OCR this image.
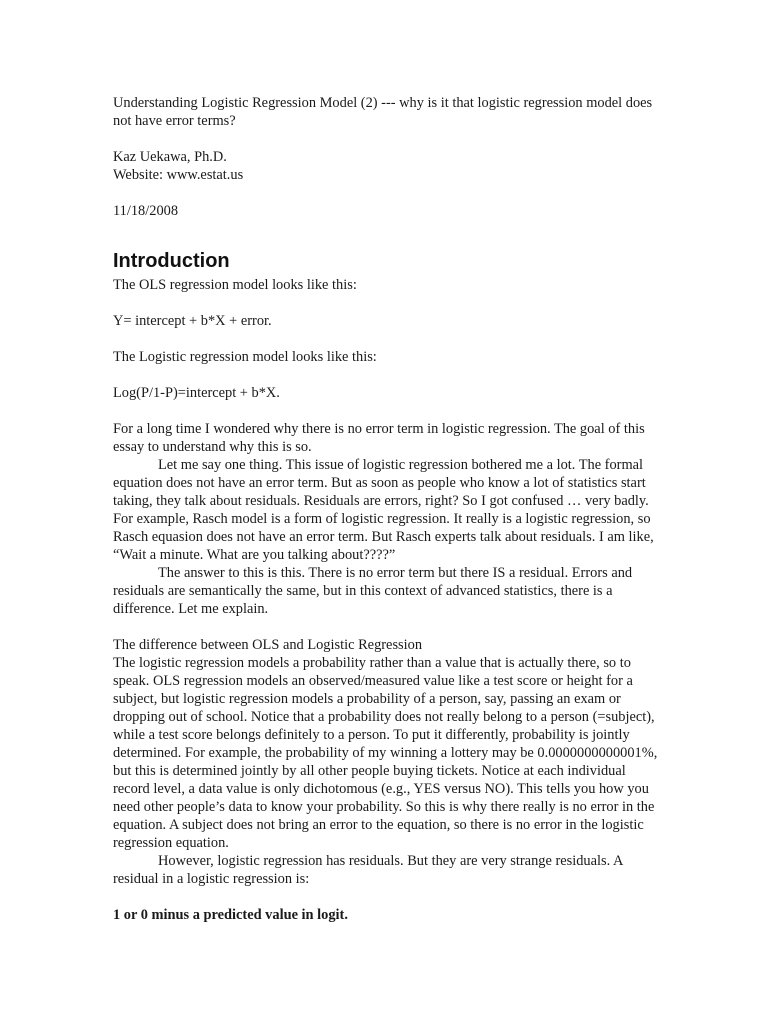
Understanding Logistic Regression Model (2) --- why is it that logistic regression model does not have error terms?

Kaz Uekawa, Ph.D.

Website: www.estat.us

11/18/2008

Introduction

The OLS regression model looks like this:

Y= intercept + b*X + error.

The Logistic regression model looks like this:

Log(P/1-P)=intercept + b*X.

For a long time I wondered why there is no error term in logistic regression. The goal of this essay to understand why this is so.

Let me say one thing. This issue of logistic regression bothered me a lot. The formal equation does not have an error term. But as soon as people who know a lot of statistics start taking, they talk about residuals. Residuals are errors, right? So I got confused … very badly. For example, Rasch model is a form of logistic regression. It really is a logistic regression, so Rasch equasion does not have an error term. But Rasch experts talk about residuals. I am like, “Wait a minute. What are you talking about????”

The answer to this is this. There is no error term but there IS a residual. Errors and residuals are semantically the same, but in this context of advanced statistics, there is a difference. Let me explain.

The difference between OLS and Logistic Regression

The logistic regression models a probability rather than a value that is actually there, so to speak. OLS regression models an observed/measured value like a test score or height for a subject, but logistic regression models a probability of a person, say, passing an exam or dropping out of school. Notice that a probability does not really belong to a person (=subject), while a test score belongs definitely to a person. To put it differently, probability is jointly determined. For example, the probability of my winning a lottery may be 0.0000000000001%, but this is determined jointly by all other people buying tickets. Notice at each individual record level, a data value is only dichotomous (e.g., YES versus NO). This tells you how you need other people’s data to know your probability. So this is why there really is no error in the equation. A subject does not bring an error to the equation, so there is no error in the logistic regression equation.

However, logistic regression has residuals. But they are very strange residuals. A residual in a logistic regression is:

1 or 0 minus a predicted value in logit.
